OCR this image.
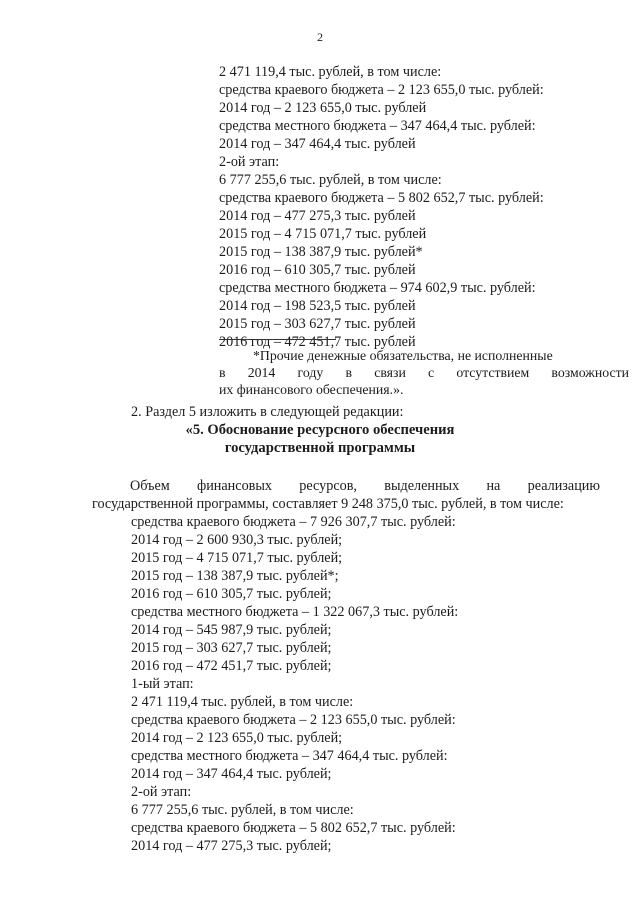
2
2 471 119,4 тыс. рублей, в том числе:
средства краевого бюджета – 2 123 655,0 тыс. рублей:
2014 год – 2 123 655,0 тыс. рублей
средства местного бюджета – 347 464,4 тыс. рублей:
2014 год – 347 464,4 тыс. рублей
2-ой этап:
6 777 255,6 тыс. рублей, в том числе:
средства краевого бюджета – 5 802 652,7 тыс. рублей:
2014 год – 477 275,3 тыс. рублей
2015 год – 4 715 071,7 тыс. рублей
2015 год – 138 387,9 тыс. рублей*
2016 год – 610 305,7 тыс. рублей
средства местного бюджета – 974 602,9 тыс. рублей:
2014 год – 198 523,5 тыс. рублей
2015 год – 303 627,7 тыс. рублей
2016 год – 472 451,7 тыс. рублей
*Прочие денежные обязательства, не исполненные
в 2014 году в связи с отсутствием возможности
их финансового обеспечения.».
2. Раздел 5 изложить в следующей редакции:
«5. Обоснование ресурсного обеспечения
государственной программы
Объем финансовых ресурсов, выделенных на реализацию
государственной программы, составляет 9 248 375,0 тыс. рублей, в том числе:
средства краевого бюджета – 7 926 307,7 тыс. рублей:
2014 год – 2 600 930,3 тыс. рублей;
2015 год – 4 715 071,7 тыс. рублей;
2015 год – 138 387,9 тыс. рублей*;
2016 год – 610 305,7 тыс. рублей;
средства местного бюджета – 1 322 067,3 тыс. рублей:
2014 год – 545 987,9 тыс. рублей;
2015 год – 303 627,7 тыс. рублей;
2016 год – 472 451,7 тыс. рублей;
1-ый этап:
2 471 119,4 тыс. рублей, в том числе:
средства краевого бюджета – 2 123 655,0 тыс. рублей:
2014 год – 2 123 655,0 тыс. рублей;
средства местного бюджета – 347 464,4 тыс. рублей:
2014 год – 347 464,4 тыс. рублей;
2-ой этап:
6 777 255,6 тыс. рублей, в том числе:
средства краевого бюджета – 5 802 652,7 тыс. рублей:
2014 год – 477 275,3 тыс. рублей;
